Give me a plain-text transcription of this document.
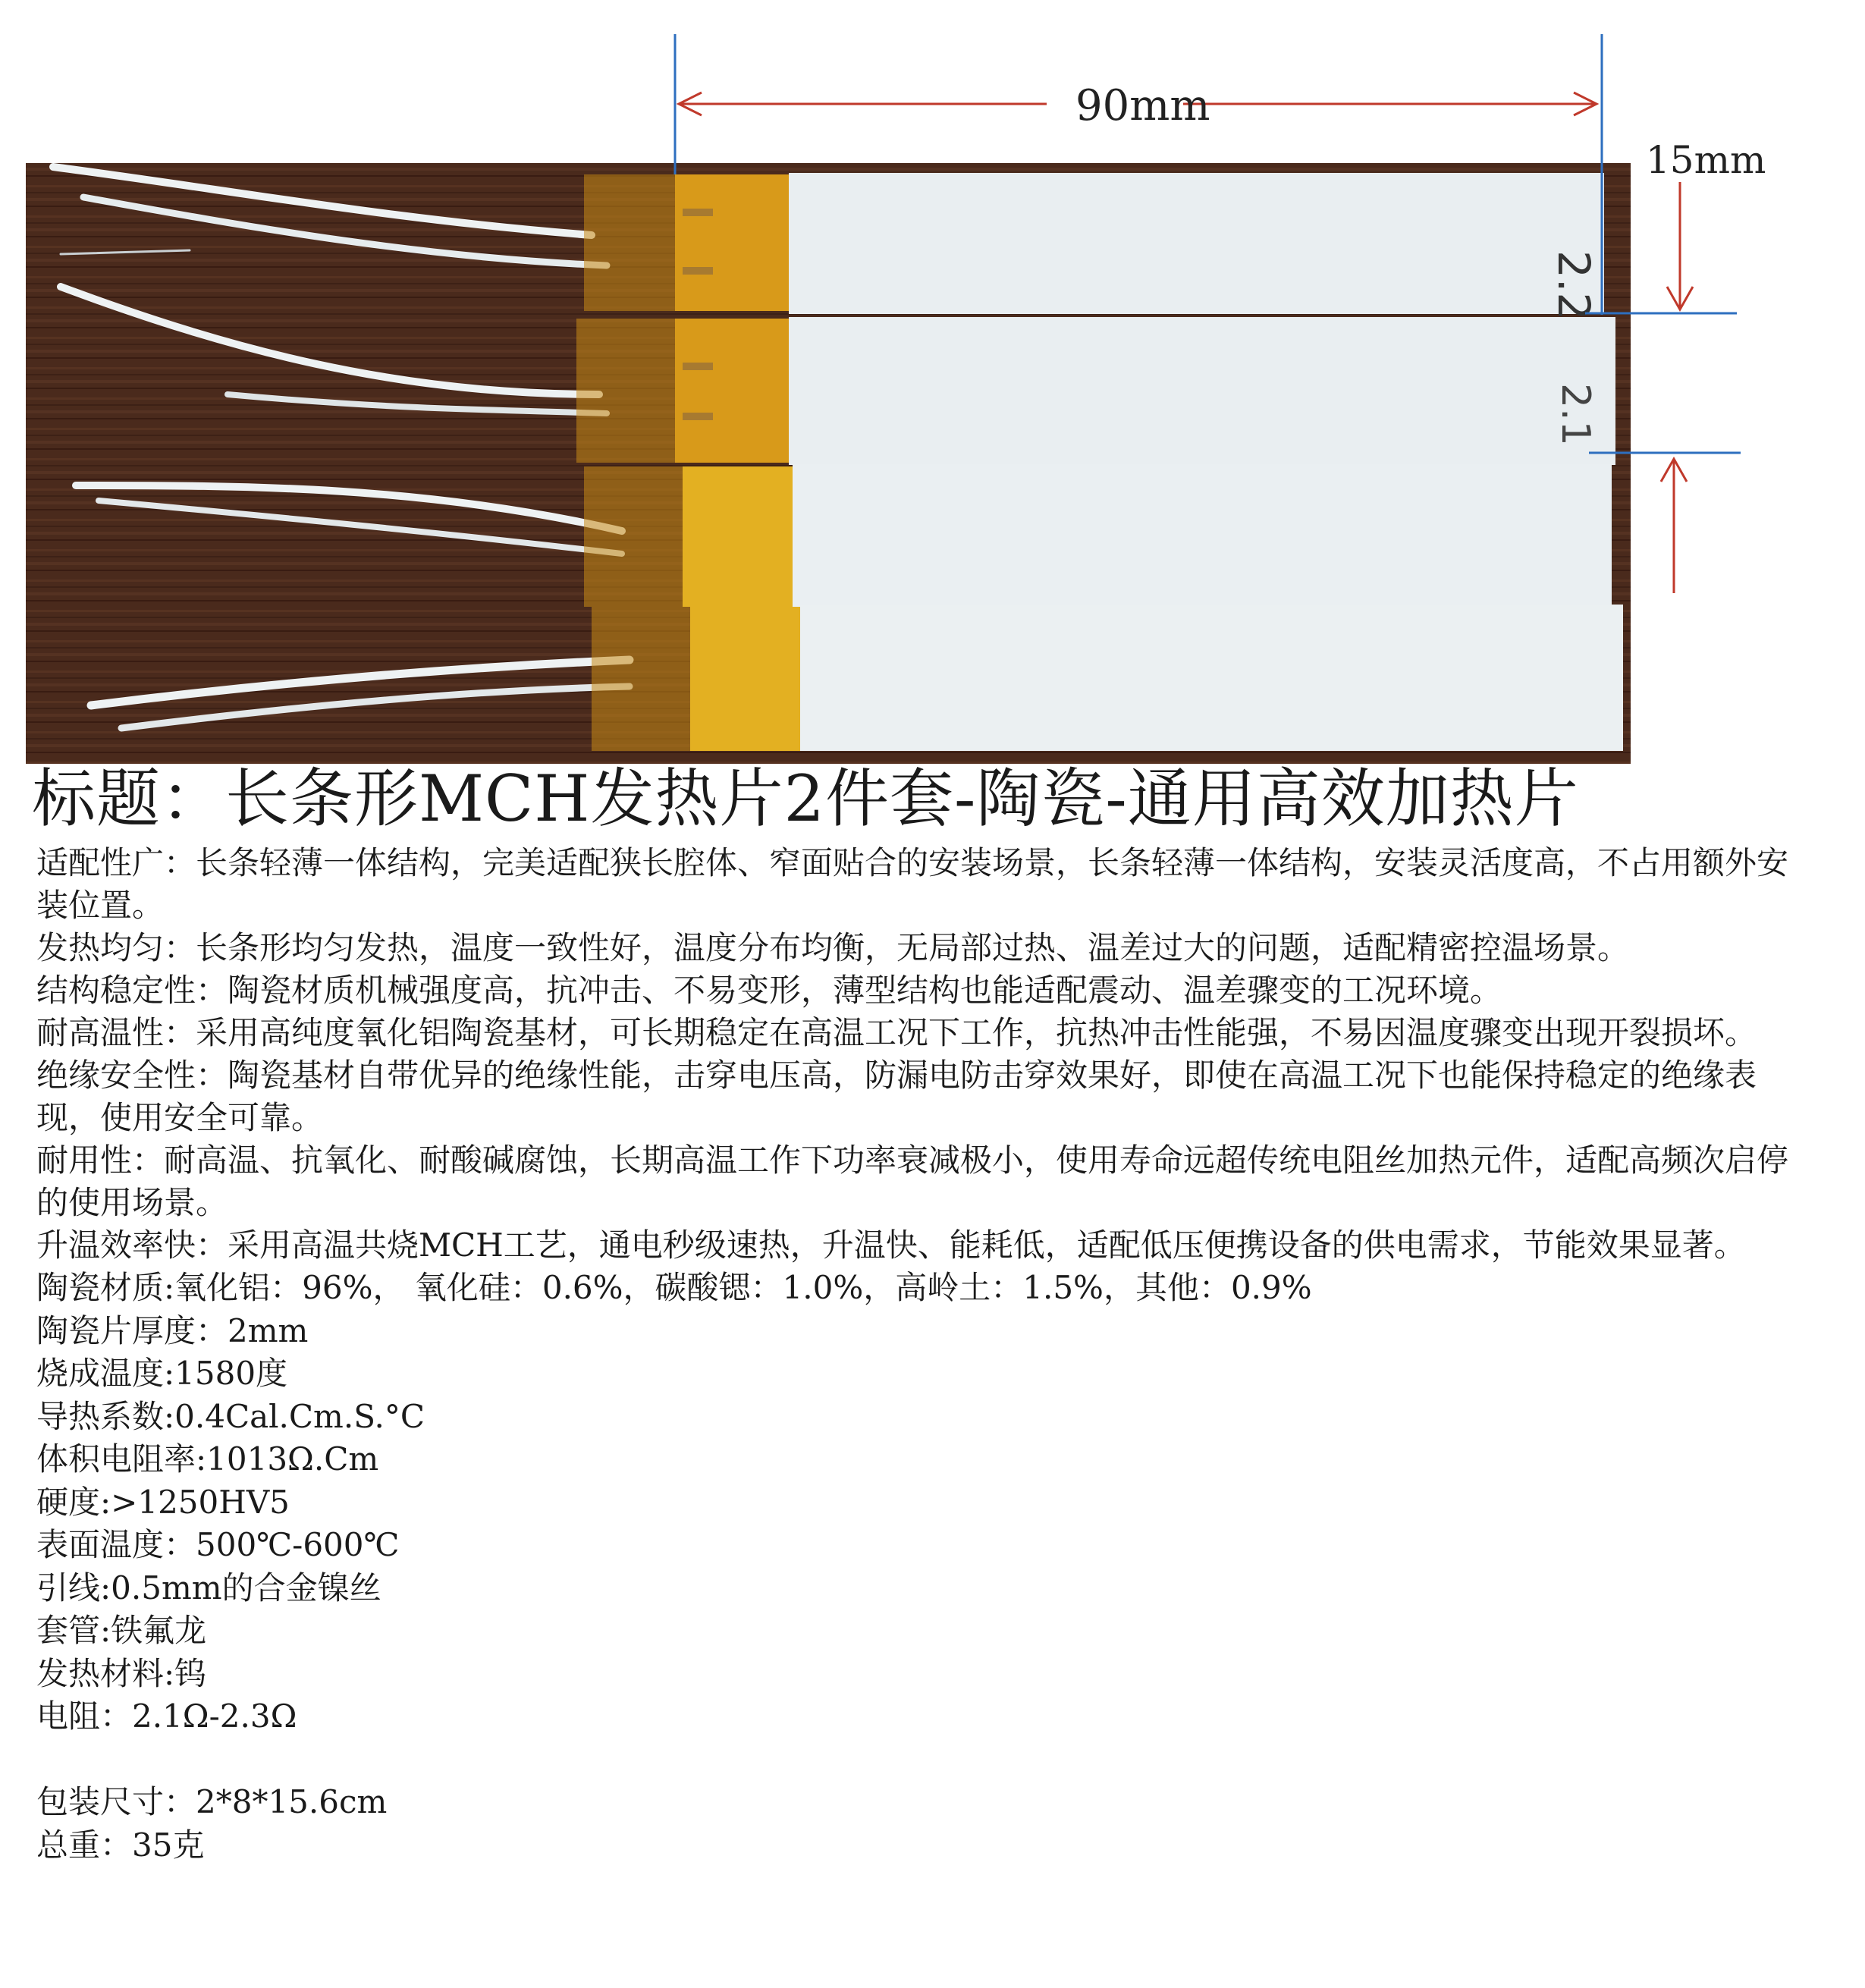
2.2
2.1
90mm
15mm
标题：长条形MCH发热片2件套-陶瓷-通用高效加热片

适配性广：长条轻薄一体结构，完美适配狭长腔体、窄面贴合的安装场景，长条轻薄一体结构，安装灵活度高，不占用额外安装位置。

发热均匀：长条形均匀发热，温度一致性好，温度分布均衡，无局部过热、温差过大的问题，适配精密控温场景。

结构稳定性：陶瓷材质机械强度高，抗冲击、不易变形，薄型结构也能适配震动、温差骤变的工况环境。

耐高温性：采用高纯度氧化铝陶瓷基材，可长期稳定在高温工况下工作，抗热冲击性能强，不易因温度骤变出现开裂损坏。

绝缘安全性：陶瓷基材自带优异的绝缘性能，击穿电压高，防漏电防击穿效果好，即使在高温工况下也能保持稳定的绝缘表现，使用安全可靠。

耐用性：耐高温、抗氧化、耐酸碱腐蚀，长期高温工作下功率衰减极小，使用寿命远超传统电阻丝加热元件，适配高频次启停的使用场景。

升温效率快：采用高温共烧MCH工艺，通电秒级速热，升温快、能耗低，适配低压便携设备的供电需求，节能效果显著。

陶瓷材质:氧化铝：96%， 氧化硅：0.6%，碳酸锶：1.0%，高岭土：1.5%，其他：0.9%

陶瓷片厚度：2mm

烧成温度:1580度

导热系数:0.4Cal.Cm.S.°C

体积电阻率:1013Ω.Cm

硬度:>1250HV5

表面温度：500℃-600℃

引线:0.5mm的合金镍丝

套管:铁氟龙

发热材料:钨

电阻：2.1Ω-2.3Ω

包装尺寸：2*8*15.6cm

总重：35克
